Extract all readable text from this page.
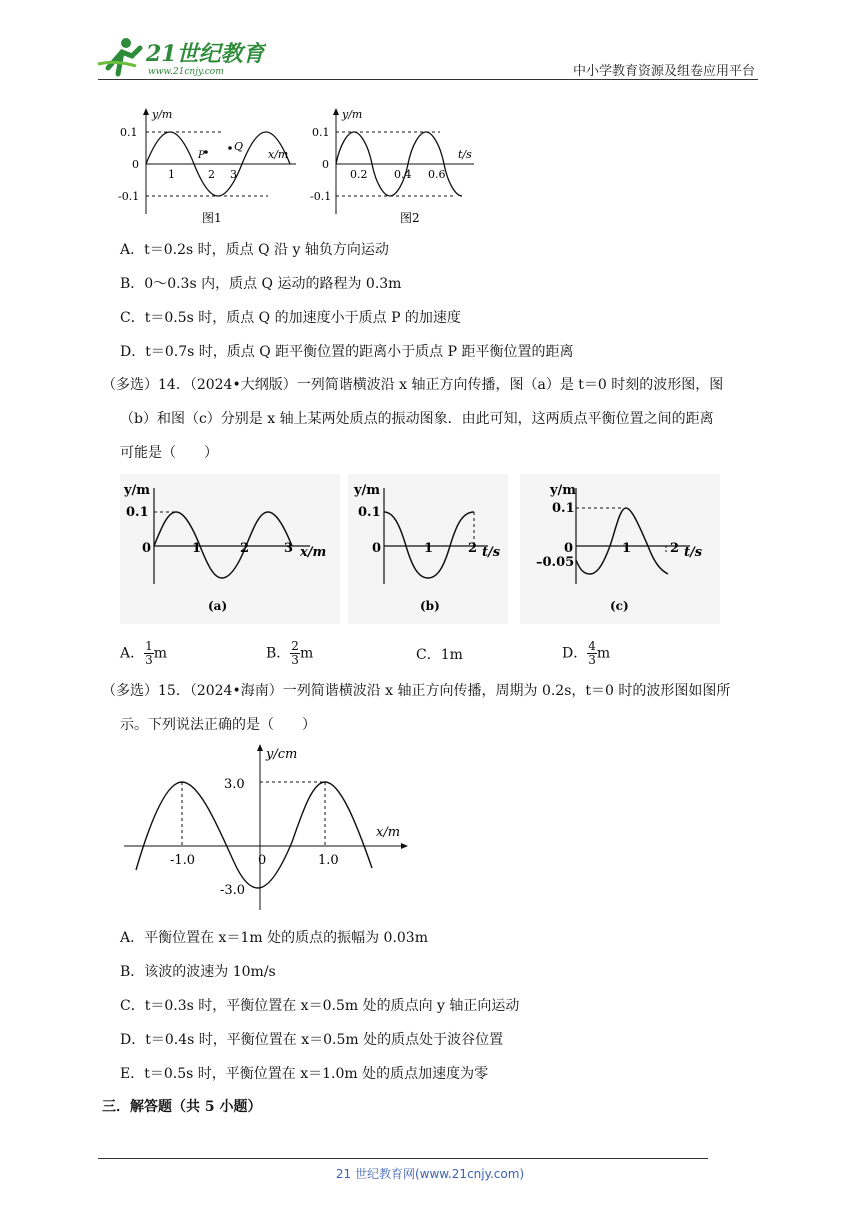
21世纪教育
www.21cnjy.com	中小学教育资源及组卷应用平台
y/m
x/m
0.1
0
-0.1
1	2 3
P
Q
图1
y/m
t/s
0.1
0
-0.1
0.2 0.4 0.6
图2
A．t＝0.2s 时，质点 Q 沿 y 轴负方向运动
B．0～0.3s 内，质点 Q 运动的路程为 0.3m
C．t＝0.5s 时，质点 Q 的加速度小于质点 P 的加速度
D．t＝0.7s 时，质点 Q 距平衡位置的距离小于质点 P 距平衡位置的距离
（多选）14．（2024•大纲版）一列简谐横波沿 x 轴正方向传播，图（a）是 t＝0 时刻的波形图，图
（b）和图（c）分别是 x 轴上某两处质点的振动图象．由此可知，这两质点平衡位置之间的距离
可能是（　　）
y/m
0.1
0	1	2	3 x/m
(a)
y/m
0.1
0	1	2 t/s
(b)
y/m
0.1
0
–0.05
1	2 t/s
(c)
A． $\frac{1}{3}$ m	B． $\frac{2}{3}$ m	C．1m	D． $\frac{4}{3}$ m
（多选）15．（2024•海南）一列简谐横波沿 x 轴正方向传播，周期为 0.2s，t＝0 时的波形图如图所
示。下列说法正确的是（　　）
y/cm
x/m
3.0
-3.0
-1.0	0	1.0
A．平衡位置在 x＝1m 处的质点的振幅为 0.03m
B．该波的波速为 10m/s
C．t＝0.3s 时，平衡位置在 x＝0.5m 处的质点向 y 轴正向运动
D．t＝0.4s 时，平衡位置在 x＝0.5m 处的质点处于波谷位置
E．t＝0.5s 时，平衡位置在 x＝1.0m 处的质点加速度为零
三．解答题（共 5 小题）
21 世纪教育网(www.21cnjy.com)
